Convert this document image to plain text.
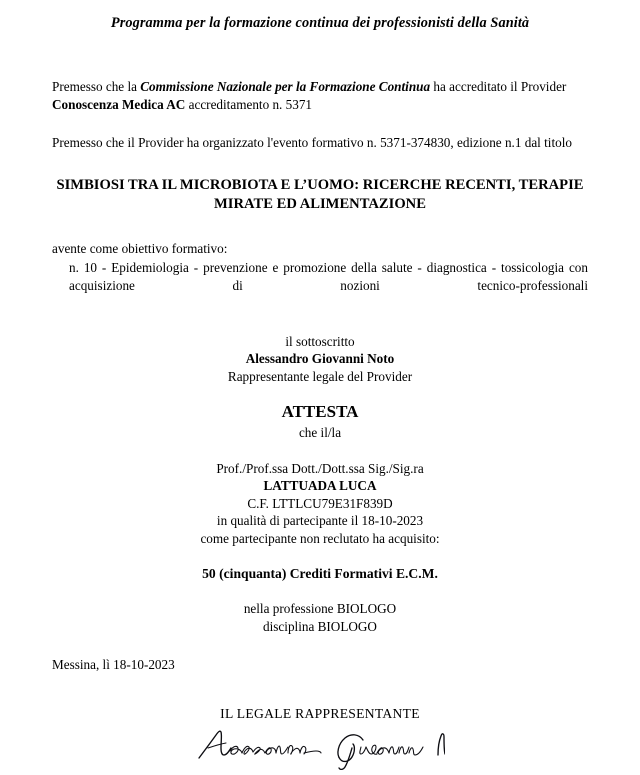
Programma per la formazione continua dei professionisti della Sanità

Premesso che la Commissione Nazionale per la Formazione Continua ha accreditato il Provider
Conoscenza Medica AC accreditamento n. 5371

Premesso che il Provider ha organizzato l'evento formativo n. 5371-374830, edizione n.1 dal titolo

SIMBIOSI TRA IL MICROBIOTA E L’UOMO: RICERCHE RECENTI, TERAPIE MIRATE ED ALIMENTAZIONE
avente come obiettivo formativo:
n. 10 - Epidemiologia - prevenzione e promozione della salute - diagnostica - tossicologia con acquisizione di nozioni tecnico-professionali
il sottoscritto
Alessandro Giovanni Noto
Rappresentante legale del Provider
ATTESTA
che il/la
Prof./Prof.ssa Dott./Dott.ssa Sig./Sig.ra
LATTUADA LUCA
C.F. LTTLCU79E31F839D
in qualità di partecipante il 18-10-2023
come partecipante non reclutato ha acquisito:
50 (cinquanta) Crediti Formativi E.C.M.
nella professione BIOLOGO
disciplina BIOLOGO
Messina, lì 18-10-2023
IL LEGALE RAPPRESENTANTE
